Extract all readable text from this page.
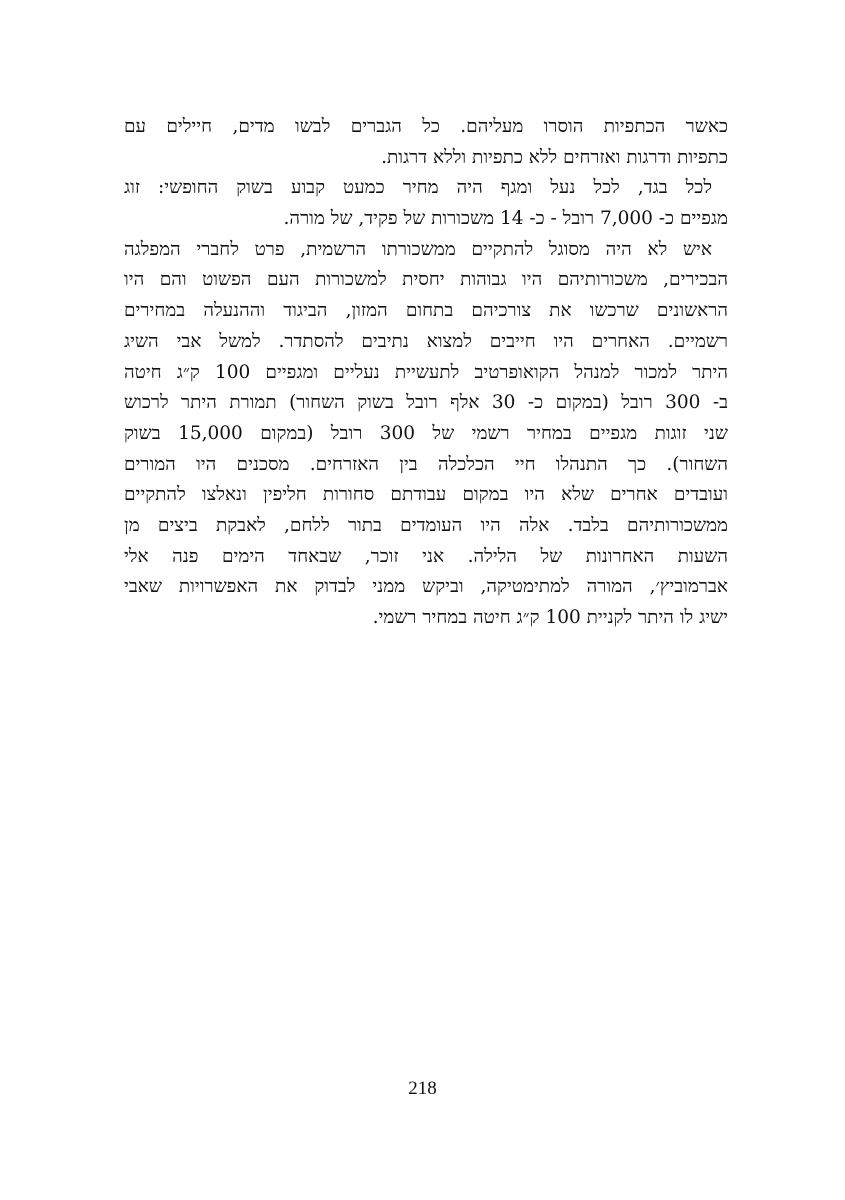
כאשר הכתפיות הוסרו מעליהם. כל הגברים לבשו מדים, חיילים עם
כתפיות ודרגות ואזרחים ללא כתפיות וללא דרגות.
לכל בגד, לכל נעל ומגף היה מחיר כמעט קבוע בשוק החופשי: זוג
מגפיים כ- 7,000 רובל - כ- 14 משכורות של פקיד, של מורה.
איש לא היה מסוגל להתקיים ממשכורתו הרשמית, פרט לחברי המפלגה
הבכירים, משכורותיהם היו גבוהות יחסית למשכורות העם הפשוט והם היו
הראשונים שרכשו את צורכיהם בתחום המזון, הביגוד וההנעלה במחירים
רשמיים. האחרים היו חייבים למצוא נתיבים להסתדר. למשל אבי השיג
היתר למכור למנהל הקואופרטיב לתעשיית נעליים ומגפיים 100 ק״ג חיטה
ב- 300 רובל (במקום כ- 30 אלף רובל בשוק השחור) תמורת היתר לרכוש
שני זוגות מגפיים במחיר רשמי של 300 רובל (במקום 15,000 בשוק
השחור). כך התנהלו חיי הכלכלה בין האזרחים. מסכנים היו המורים
ועובדים אחרים שלא היו במקום עבודתם סחורות חליפין ונאלצו להתקיים
ממשכורותיהם בלבד. אלה היו העומדים בתור ללחם, לאבקת ביצים מן
השעות האחרונות של הלילה. אני זוכר, שבאחד הימים פנה אלי
אברמוביץ׳, המורה למתימטיקה, וביקש ממני לבדוק את האפשרויות שאבי
ישיג לו היתר לקניית 100 ק״ג חיטה במחיר רשמי.
218
